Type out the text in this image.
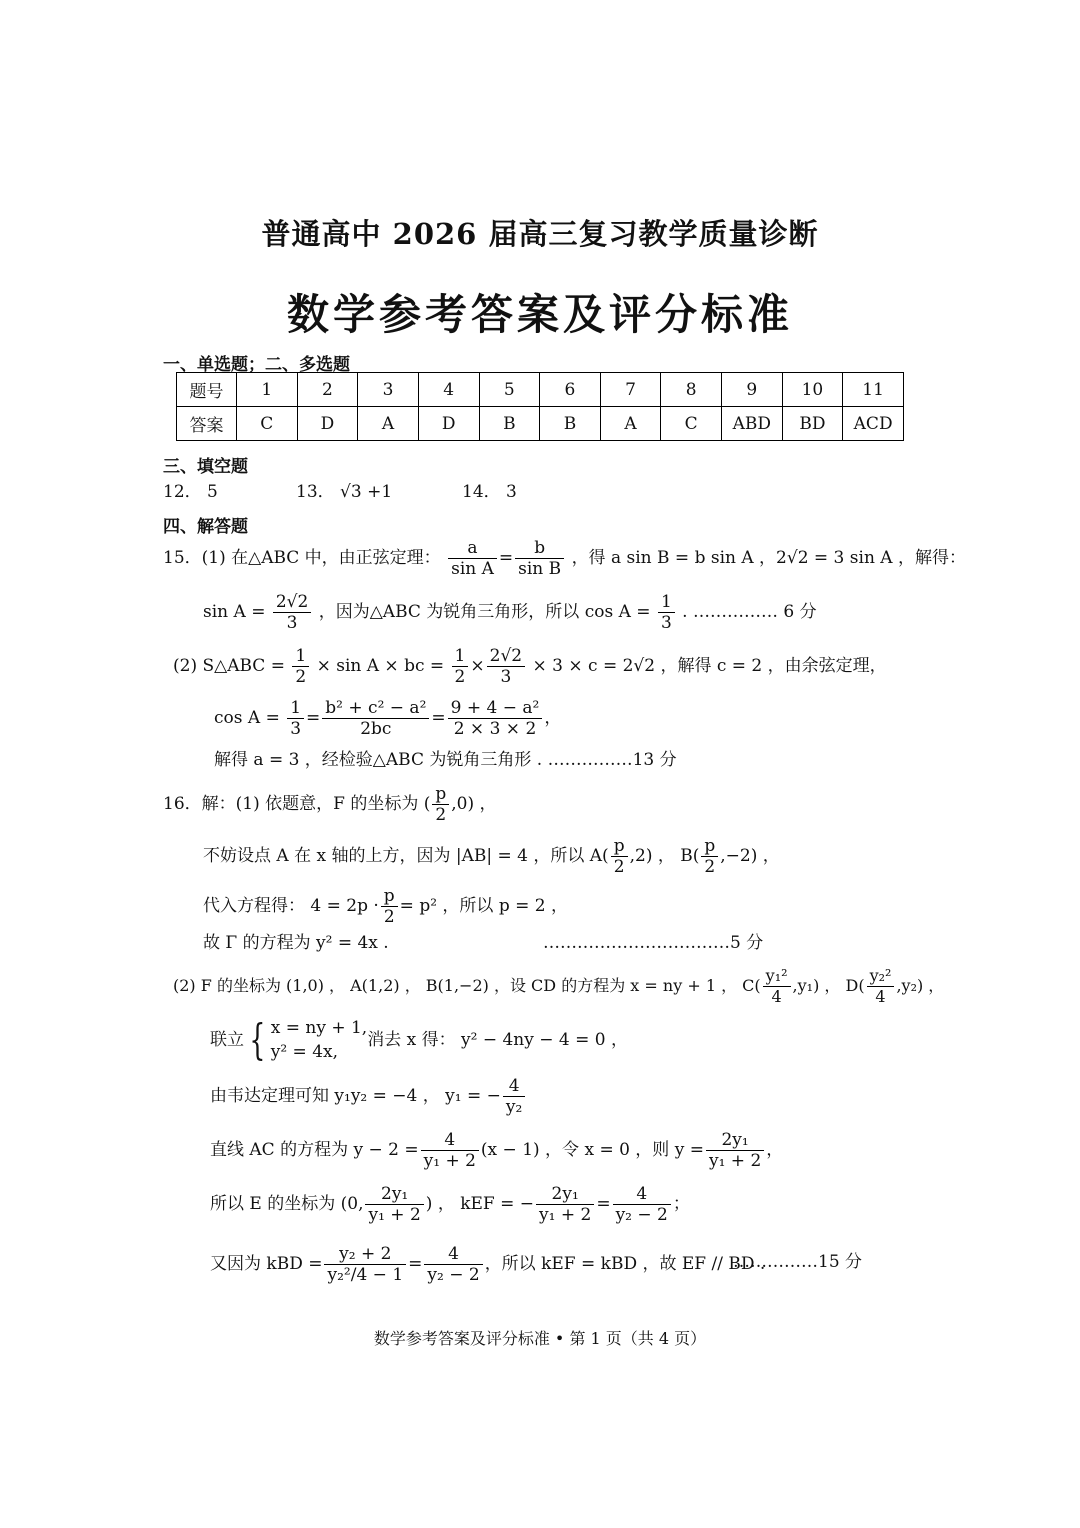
普通高中 2026 届高三复习教学质量诊断
数学参考答案及评分标准
一、单选题；二、多选题
题号	1	2	3	4	5	6	7	8	9	10	11
答案	C	D	A	D	B	B	A	C	ABD	BD	ACD
三、填空题
12． 5	13． √3 +1	14． 3
四、解答题
15．(1) 在△ABC 中，由正弦定理： $\frac{a}{\text{sin A}} = \frac{b}{\text{sin B}}$ ，得 a sin B = b sin A ，2√2 = 3 sin A ，解得：
$\sin A = \frac{2√2}{3}$ ，因为△ABC 为锐角三角形，所以 $\cos A = \frac{1}{3}$ . …………… 6 分
(2) S△ABC = $\frac{1}{2} \times \sin A$ × bc = $\frac{1}{2} \times \frac{2√2}{3} \times 3 \times c = 2√2$ ，解得 c = 2 ，由余弦定理，
$\cos A = \frac{1}{3} = \frac{\text{b² + c² − a²}}{2bc} = \frac{\text{9 + 4 − a²}}{2 \times 3 \times 2}$ ，
解得 a = 3 ，经检验△ABC 为锐角三角形 . ……………13 分
16．解：(1) 依题意，F 的坐标为 ( $\frac{p}{2} ,0$) ，
不妨设点 A 在 x 轴的上方，因为 |AB| = 4 ，所以 $A( \frac{p}{2} ,2)$ ， $B( \frac{p}{2} ,-2)$ ，
代入方程得： $4 = 2p \cdot \frac{p}{2} = p^2$ ，所以 p = 2 ，
故 Γ 的方程为 y² = 4x .	……………………………5 分
(2) F 的坐标为 (1,0) ， A(1,2) ， B(1,−2) ，设 CD 的方程为 x = ny + 1 ， $C( \frac{\text{y₁²}}{4} ,y_1)$ ， $D( \frac{\text{y₂²}}{4} ,y_2)$ ，
联立 { x = ny + 1,
y² = 4x,
消去 x 得： y² − 4ny − 4 = 0 ，
由韦达定理可知 y₁y₂ = −4 ， y₁ = − $\frac{4}{\text{y₂}}$
直线 AC 的方程为 $y - 2 = \frac{4}{\text{y₁ + 2}} (x - 1)$ ，令 x = 0 ，则 $y = \frac{\text{2y₁}}{\text{y₁ + 2}}$ ，
所以 E 的坐标为 (0, $\frac{\text{2y₁}}{\text{y₁ + 2}}$ ) ， kEF = − $\frac{\text{2y₁}}{\text{y₁ + 2}} = \frac{4}{\text{y₂ − 2}}$ ；
又因为 kBD = $\frac{\text{y₂ + 2}}{\text{y₂²/4 − 1}} = \frac{4}{\text{y₂ − 2}}$ ，所以 kEF = kBD ，故 EF // BD .
……………15 分
数学参考答案及评分标准 • 第 1 页（共 4 页）
